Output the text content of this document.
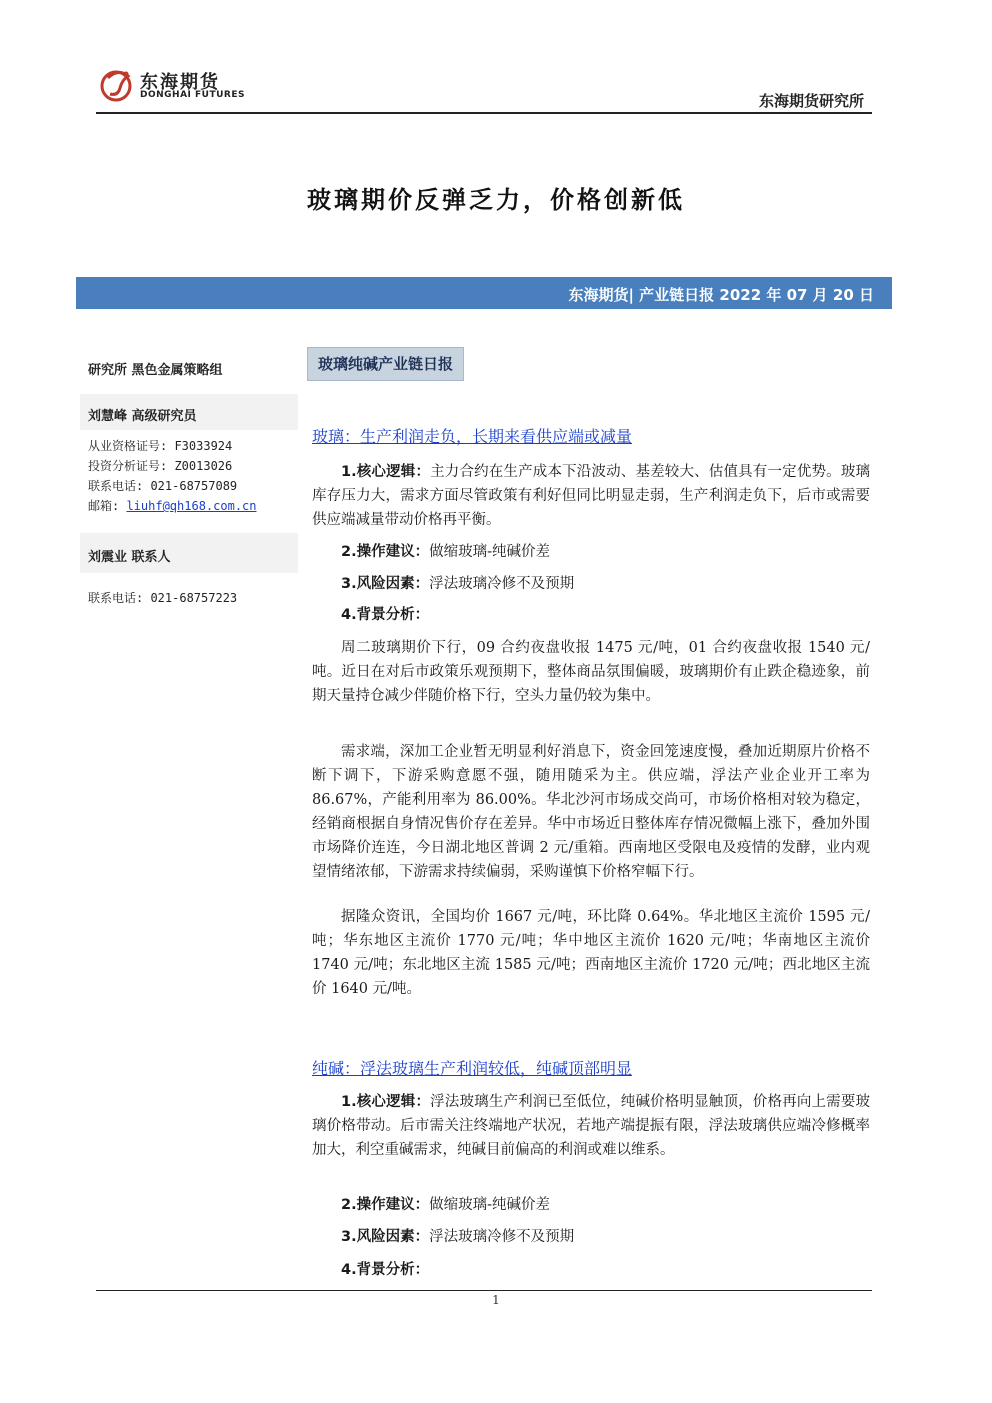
东海期货
DONGHAI FUTURES	东海期货研究所
玻璃期价反弹乏力，价格创新低
东海期货| 产业链日报 2022 年 07 月 20 日
研究所 黑色金属策略组
刘慧峰 高级研究员
从业资格证号: F3033924
投资分析证号: Z0013026
联系电话: 021-68757089
邮箱: liuhf@qh168.com.cn
刘震业 联系人
联系电话: 021-68757223
玻璃纯碱产业链日报
玻璃：生产利润走负，长期来看供应端或减量
1.核心逻辑：主力合约在生产成本下沿波动、基差较大、估值具有一定优势。玻璃库存压力大，需求方面尽管政策有利好但同比明显走弱，生产利润走负下，后市或需要供应端减量带动价格再平衡。
2.操作建议：做缩玻璃-纯碱价差
3.风险因素：浮法玻璃冷修不及预期
4.背景分析：
周二玻璃期价下行，09 合约夜盘收报 1475 元/吨，01 合约夜盘收报 1540 元/吨。近日在对后市政策乐观预期下，整体商品氛围偏暖，玻璃期价有止跌企稳迹象，前期天量持仓减少伴随价格下行，空头力量仍较为集中。
需求端，深加工企业暂无明显利好消息下，资金回笼速度慢，叠加近期原片价格不断下调下，下游采购意愿不强，随用随采为主。供应端，浮法产业企业开工率为 86.67%，产能利用率为 86.00%。华北沙河市场成交尚可，市场价格相对较为稳定，经销商根据自身情况售价存在差异。华中市场近日整体库存情况微幅上涨下，叠加外围市场降价连连，今日湖北地区普调 2 元/重箱。西南地区受限电及疫情的发酵，业内观望情绪浓郁，下游需求持续偏弱，采购谨慎下价格窄幅下行。
据隆众资讯，全国均价 1667 元/吨，环比降 0.64%。华北地区主流价 1595 元/吨；华东地区主流价 1770 元/吨；华中地区主流价 1620 元/吨；华南地区主流价 1740 元/吨；东北地区主流 1585 元/吨；西南地区主流价 1720 元/吨；西北地区主流价 1640 元/吨。
纯碱：浮法玻璃生产利润较低，纯碱顶部明显
1.核心逻辑：浮法玻璃生产利润已至低位，纯碱价格明显触顶，价格再向上需要玻璃价格带动。后市需关注终端地产状况，若地产端提振有限，浮法玻璃供应端冷修概率加大，利空重碱需求，纯碱目前偏高的利润或难以维系。
2.操作建议：做缩玻璃-纯碱价差
3.风险因素：浮法玻璃冷修不及预期
4.背景分析：
1
